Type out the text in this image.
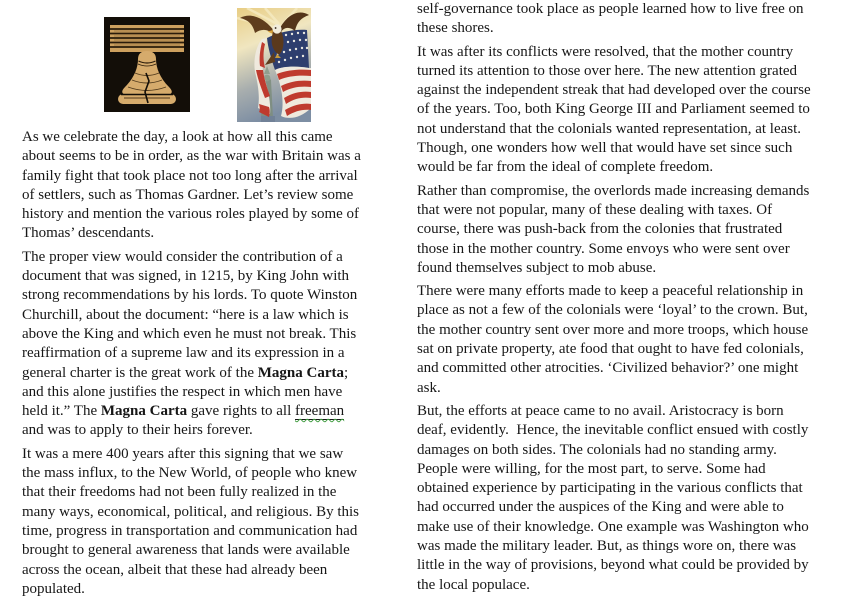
As we celebrate the day, a look at how all this came
about seems to be in order, as the war with Britain was a
family fight that took place not too long after the arrival
of settlers, such as Thomas Gardner. Let’s review some
history and mention the various roles played by some of
Thomas’ descendants.
The proper view would consider the contribution of a
document that was signed, in 1215, by King John with
strong recommendations by his lords. To quote Winston
Churchill, about the document: “here is a law which is
above the King and which even he must not break. This
reaffirmation of a supreme law and its expression in a
general charter is the great work of the Magna Carta;
and this alone justifies the respect in which men have
held it.” The Magna Carta gave rights to all freeman
and was to apply to their heirs forever.
It was a mere 400 years after this signing that we saw
the mass influx, to the New World, of people who knew
that their freedoms had not been fully realized in the
many ways, economical, political, and religious. By this
time, progress in transportation and communication had
brought to general awareness that lands were available
across the ocean, albeit that these had already been
populated.
self-governance took place as people learned how to live free on
these shores.
It was after its conflicts were resolved, that the mother country
turned its attention to those over here. The new attention grated
against the independent streak that had developed over the course
of the years. Too, both King George III and Parliament seemed to
not understand that the colonials wanted representation, at least.
Though, one wonders how well that would have set since such
would be far from the ideal of complete freedom.
Rather than compromise, the overlords made increasing demands
that were not popular, many of these dealing with taxes. Of
course, there was push-back from the colonies that frustrated
those in the mother country. Some envoys who were sent over
found themselves subject to mob abuse.
There were many efforts made to keep a peaceful relationship in
place as not a few of the colonials were ‘loyal’ to the crown. But,
the mother country sent over more and more troops, which house
sat on private property, ate food that ought to have fed colonials,
and committed other atrocities. ‘Civilized behavior?’ one might
ask.
But, the efforts at peace came to no avail. Aristocracy is born
deaf, evidently.  Hence, the inevitable conflict ensued with costly
damages on both sides. The colonials had no standing army.
People were willing, for the most part, to serve. Some had
obtained experience by participating in the various conflicts that
had occurred under the auspices of the King and were able to
make use of their knowledge. One example was Washington who
was made the military leader. But, as things wore on, there was
little in the way of provisions, beyond what could be provided by
the local populace.
